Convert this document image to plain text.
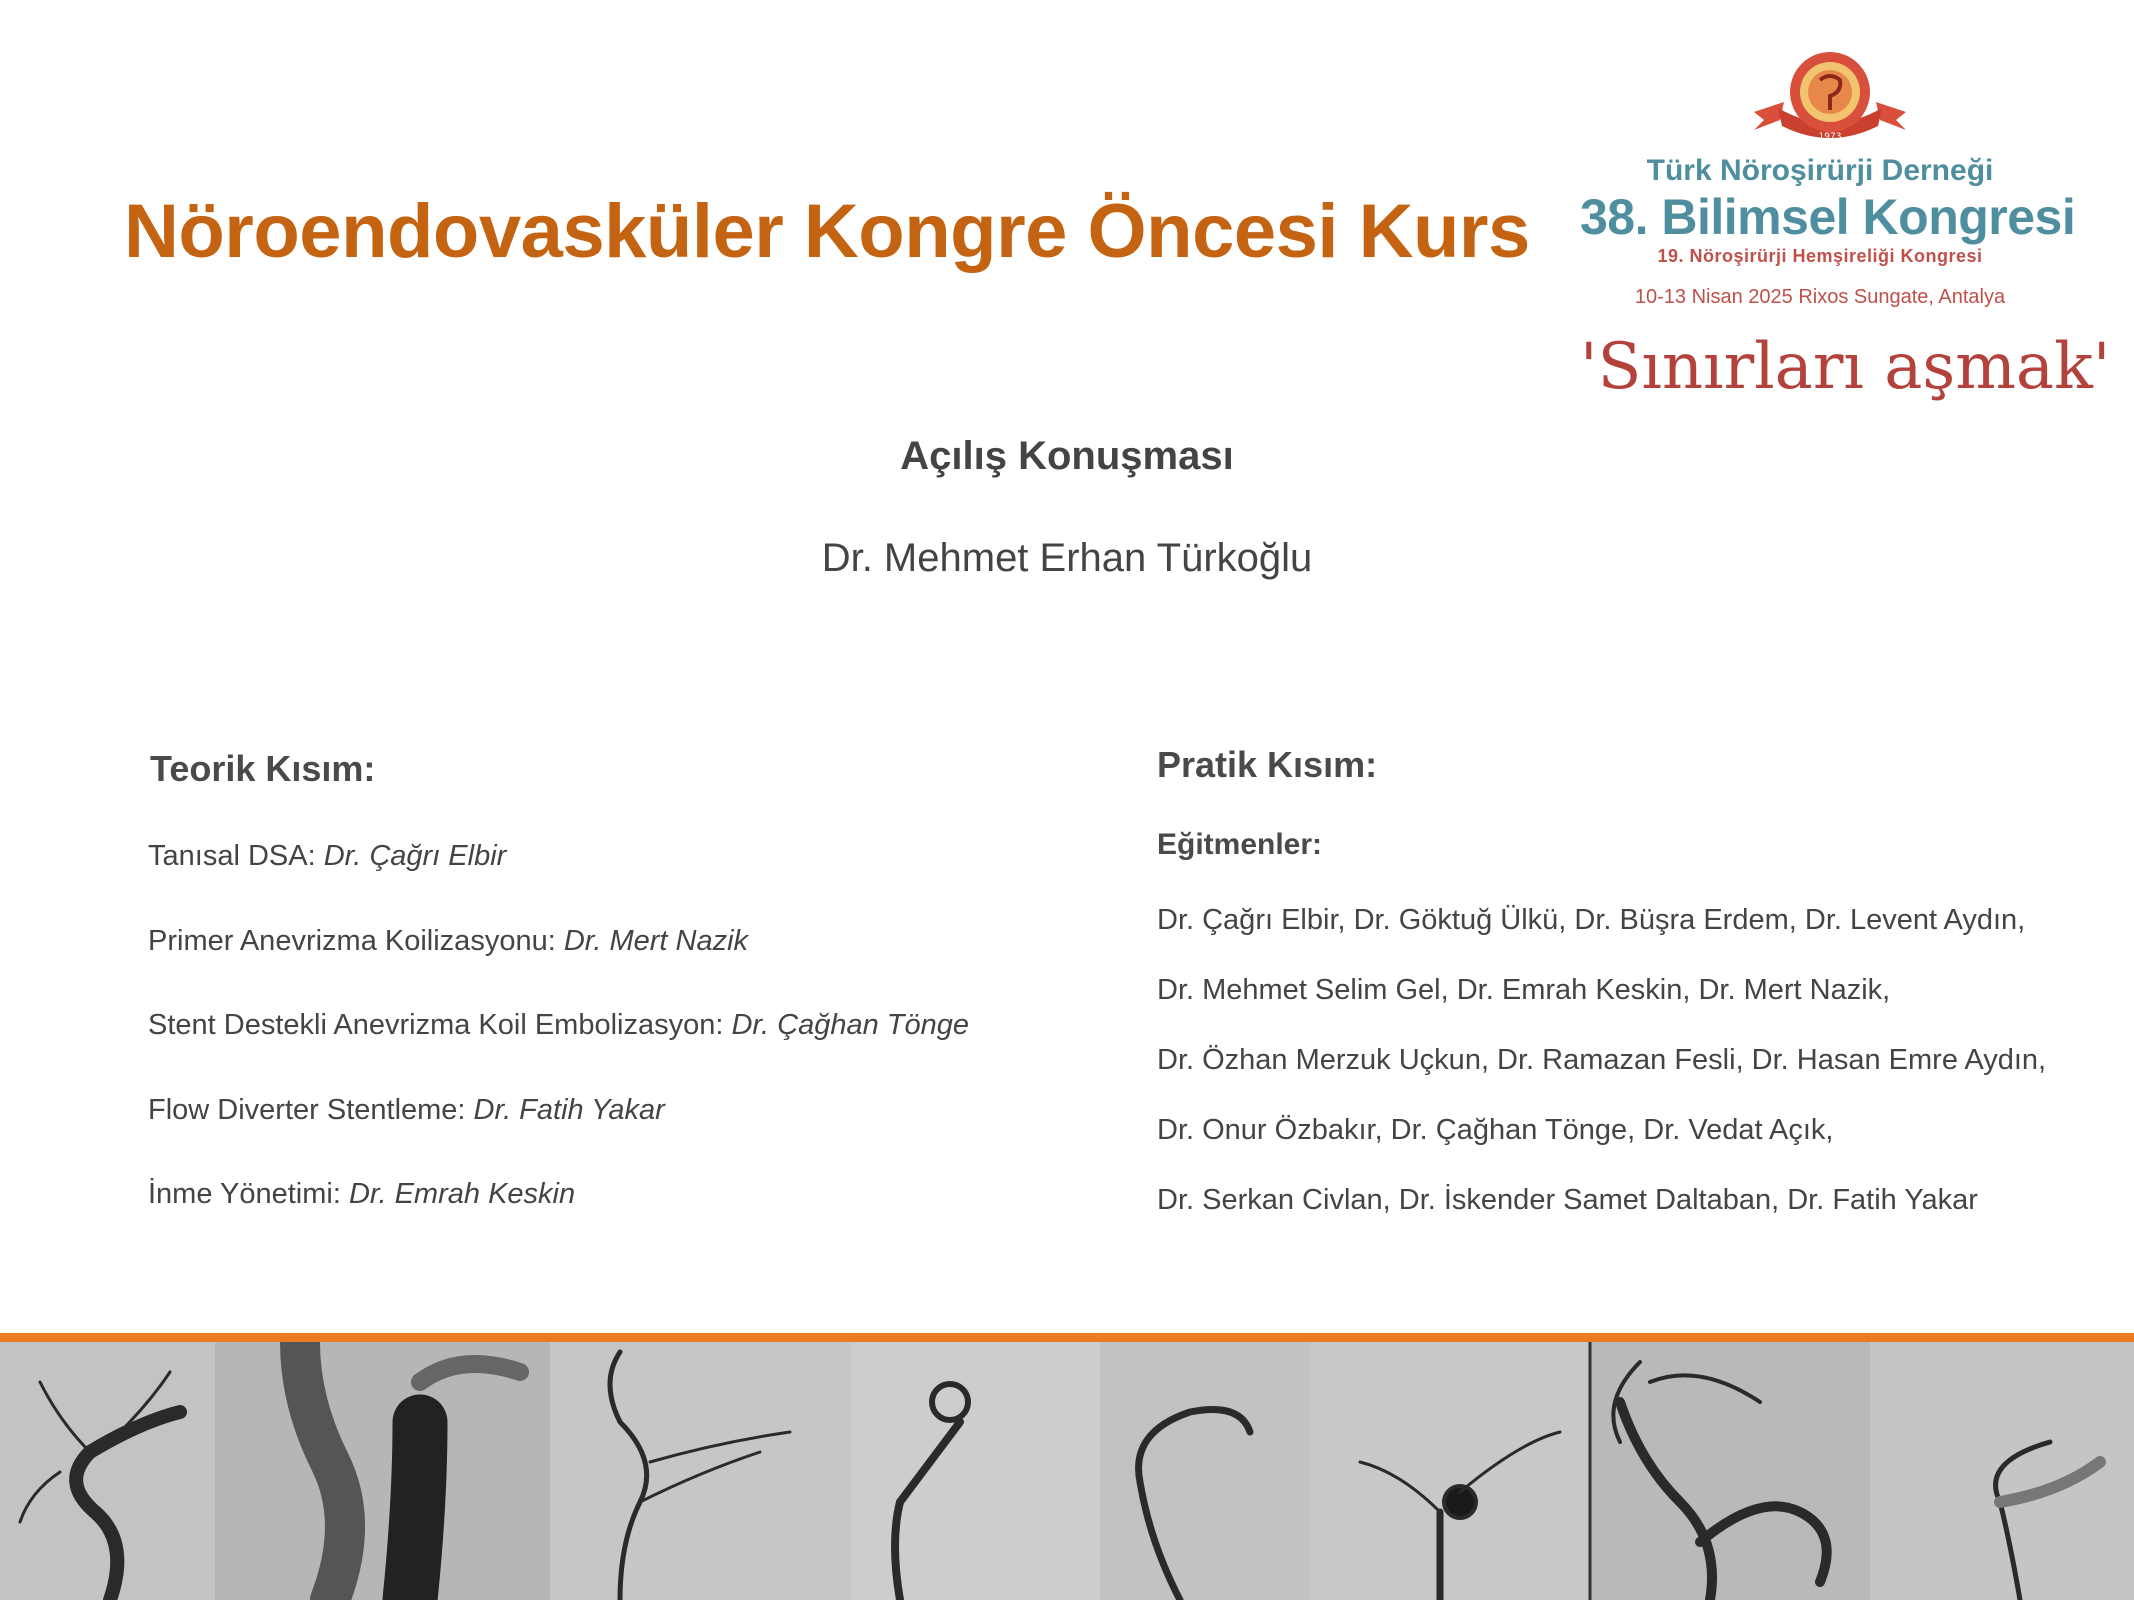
Nöroendovasküler Kongre Öncesi Kurs
1973
Türk Nöroşirürji Derneği
38. Bilimsel Kongresi
19. Nöroşirürji Hemşireliği Kongresi
10-13 Nisan 2025 Rixos Sungate, Antalya
'Sınırları aşmak'
Açılış Konuşması
Dr. Mehmet Erhan Türkoğlu
Teorik Kısım:
Tanısal DSA: Dr. Çağrı Elbir
Primer Anevrizma Koilizasyonu: Dr. Mert Nazik
Stent Destekli Anevrizma Koil Embolizasyon: Dr. Çağhan Tönge
Flow Diverter Stentleme: Dr. Fatih Yakar
İnme Yönetimi: Dr. Emrah Keskin
Pratik Kısım:
Eğitmenler:
Dr. Çağrı Elbir, Dr. Göktuğ Ülkü, Dr. Büşra Erdem, Dr. Levent Aydın,
Dr. Mehmet Selim Gel, Dr. Emrah Keskin, Dr. Mert Nazik,
Dr. Özhan Merzuk Uçkun, Dr. Ramazan Fesli, Dr. Hasan Emre Aydın,
Dr. Onur Özbakır, Dr. Çağhan Tönge, Dr. Vedat Açık,
Dr. Serkan Civlan, Dr. İskender Samet Daltaban, Dr. Fatih Yakar
